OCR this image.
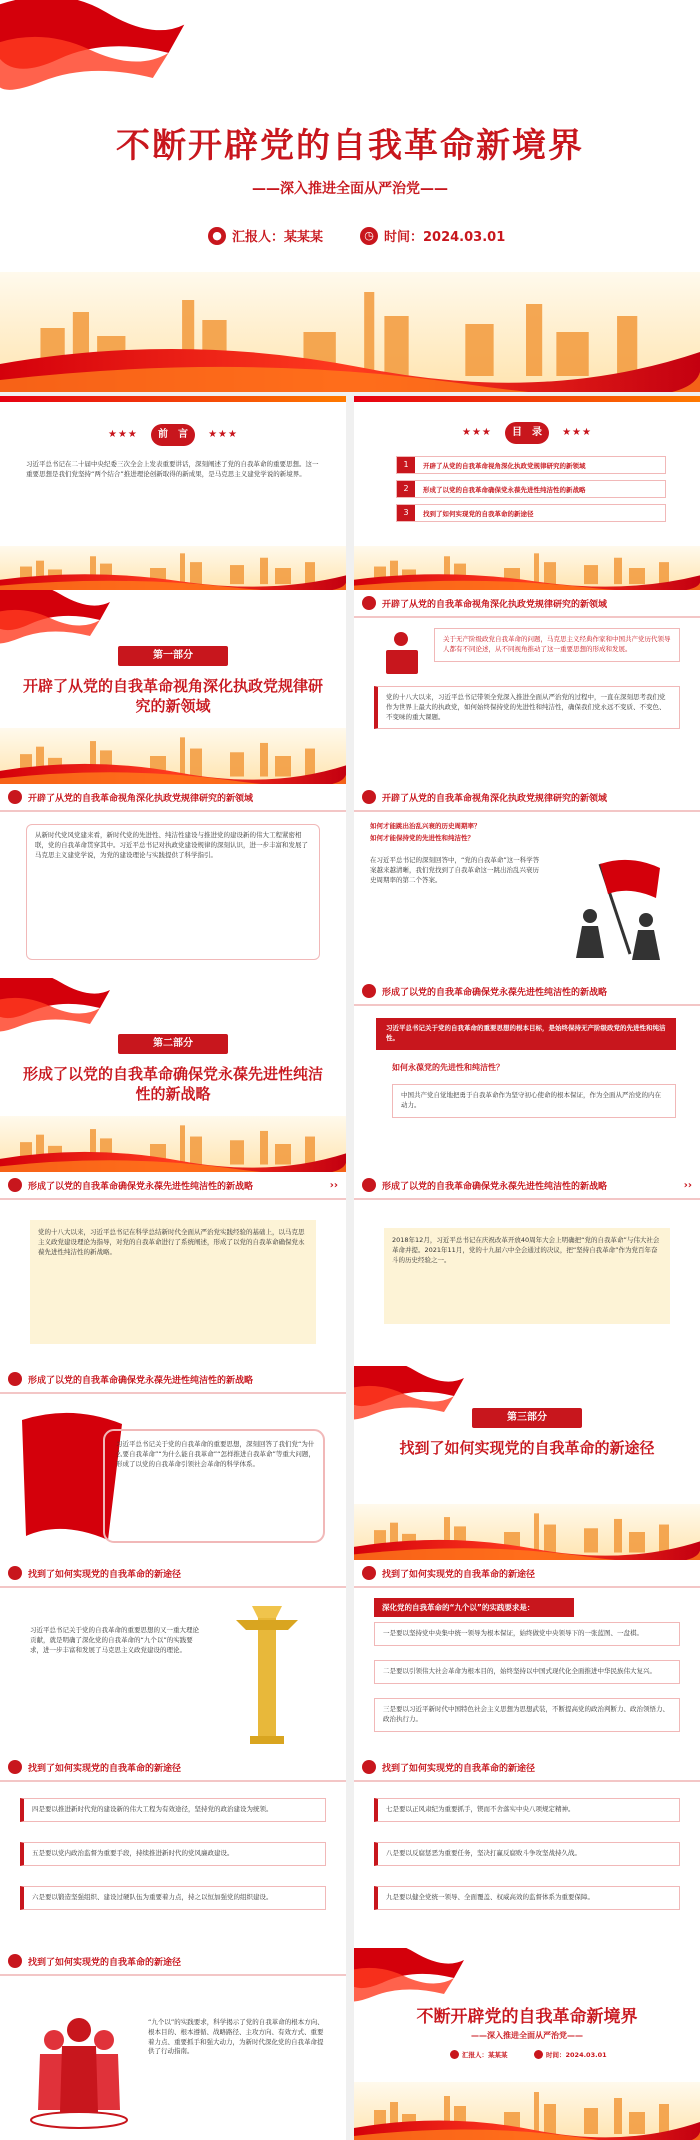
不断开辟党的自我革命新境界
——深入推进全面从严治党——
● 汇报人：某某某	◷ 时间：2024.03.01
★★★ 前　言 ★★★
习近平总书记在二十届中央纪委三次全会上发表重要讲话，深刻阐述了党的自我革命的重要思想。这一重要思想是我们党坚持“两个结合”推进理论创新取得的新成果，是马克思主义建党学说的新境界。
★★★ 目　录 ★★★
1	开辟了从党的自我革命视角深化执政党规律研究的新领域
2	形成了以党的自我革命确保党永葆先进性纯洁性的新战略
3	找到了如何实现党的自我革命的新途径
第一部分
开辟了从党的自我革命视角深化执政党规律研究的新领域
开辟了从党的自我革命视角深化执政党规律研究的新领域
关于无产阶级政党自我革命的问题，马克思主义经典作家和中国共产党历代领导人都有不同论述，从不同视角推动了这一重要思想的形成和发展。
党的十八大以来，习近平总书记带领全党深入推进全面从严治党的过程中，一直在深刻思考我们党作为世界上最大的执政党，如何始终保持党的先进性和纯洁性，确保我们党永远不变质、不变色、不变味的重大课题。
开辟了从党的自我革命视角深化执政党规律研究的新领域
从新时代党风党建来看，新时代党的先进性、纯洁性建设与推进党的建设新的伟大工程紧密相联，党的自我革命贯穿其中。习近平总书记对执政党建设规律的深刻认识，进一步丰富和发展了马克思主义建党学说，为党的建设理论与实践提供了科学指引。
开辟了从党的自我革命视角深化执政党规律研究的新领域
如何才能跳出治乱兴衰的历史周期率？
如何才能保持党的先进性和纯洁性？
在习近平总书记的深刻回答中，“党的自我革命”这一科学答案越来越清晰，我们党找到了自我革命这一跳出治乱兴衰历史周期率的第二个答案。
第二部分
形成了以党的自我革命确保党永葆先进性纯洁性的新战略
形成了以党的自我革命确保党永葆先进性纯洁性的新战略
习近平总书记关于党的自我革命的重要思想的根本目标，是始终保持无产阶级政党的先进性和纯洁性。
如何永葆党的先进性和纯洁性？
中国共产党自觉地把勇于自我革命作为坚守初心使命的根本保证，作为全面从严治党的内在动力。
形成了以党的自我革命确保党永葆先进性纯洁性的新战略	››
党的十八大以来，习近平总书记在科学总结新时代全面从严治党实践经验的基础上，以马克思主义政党建设理论为指导，对党的自我革命进行了系统阐述，形成了以党的自我革命确保党永葆先进性纯洁性的新战略。
形成了以党的自我革命确保党永葆先进性纯洁性的新战略	››
2018年12月，习近平总书记在庆祝改革开放40周年大会上明确把“党的自我革命”与伟大社会革命并提。2021年11月，党的十九届六中全会通过的决议，把“坚持自我革命”作为党百年奋斗的历史经验之一。
形成了以党的自我革命确保党永葆先进性纯洁性的新战略
习近平总书记关于党的自我革命的重要思想，深刻回答了我们党“为什么要自我革命”“为什么能自我革命”“怎样推进自我革命”等重大问题，形成了以党的自我革命引领社会革命的科学体系。
第三部分
找到了如何实现党的自我革命的新途径
找到了如何实现党的自我革命的新途径
习近平总书记关于党的自我革命的重要思想的又一重大理论贡献，就是明确了深化党的自我革命的“九个以”的实践要求，进一步丰富和发展了马克思主义政党建设的理论。
找到了如何实现党的自我革命的新途径
深化党的自我革命的“九个以”的实践要求是：
一是要以坚持党中央集中统一领导为根本保证，始终做党中央领导下的一张蓝图、一盘棋。
二是要以引领伟大社会革命为根本目的，始终坚持以中国式现代化全面推进中华民族伟大复兴。
三是要以习近平新时代中国特色社会主义思想为思想武装，不断提高党的政治判断力、政治领悟力、政治执行力。
找到了如何实现党的自我革命的新途径
四是要以推进新时代党的建设新的伟大工程为有效途径，坚持党的政治建设为统领。
五是要以党内政治监督为重要手段，持续推进新时代的党风廉政建设。
六是要以锻造坚强组织、建设过硬队伍为重要着力点，持之以恒加强党的组织建设。
找到了如何实现党的自我革命的新途径
七是要以正风肃纪为重要抓手，锲而不舍落实中央八项规定精神。
八是要以反腐惩恶为重要任务，坚决打赢反腐败斗争攻坚战持久战。
九是要以健全党统一领导、全面覆盖、权威高效的监督体系为重要保障。
找到了如何实现党的自我革命的新途径
“九个以”的实践要求，科学揭示了党的自我革命的根本方向、根本目的、根本遵循、战略路径、主攻方向、有效方式、重要着力点、重要抓手和强大动力，为新时代深化党的自我革命提供了行动指南。
不断开辟党的自我革命新境界
——深入推进全面从严治党——
汇报人：某某某	时间：2024.03.01
